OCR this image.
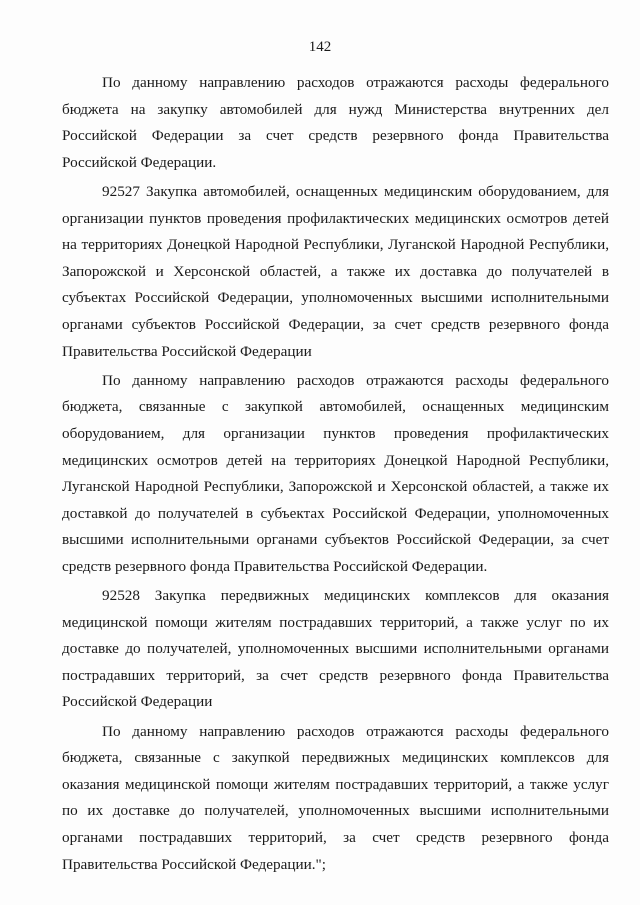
142

По данному направлению расходов отражаются расходы федерального бюджета на закупку автомобилей для нужд Министерства внутренних дел Российской Федерации за счет средств резервного фонда Правительства Российской Федерации.

92527 Закупка автомобилей, оснащенных медицинским оборудованием, для организации пунктов проведения профилактических медицинских осмотров детей на территориях Донецкой Народной Республики, Луганской Народной Республики, Запорожской и Херсонской областей, а также их доставка до получателей в субъектах Российской Федерации, уполномоченных высшими исполнительными органами субъектов Российской Федерации, за счет средств резервного фонда Правительства Российской Федерации

По данному направлению расходов отражаются расходы федерального бюджета, связанные с закупкой автомобилей, оснащенных медицинским оборудованием, для организации пунктов проведения профилактических медицинских осмотров детей на территориях Донецкой Народной Республики, Луганской Народной Республики, Запорожской и Херсонской областей, а также их доставкой до получателей в субъектах Российской Федерации, уполномоченных высшими исполнительными органами субъектов Российской Федерации, за счет средств резервного фонда Правительства Российской Федерации.

92528 Закупка передвижных медицинских комплексов для оказания медицинской помощи жителям пострадавших территорий, а также услуг по их доставке до получателей, уполномоченных высшими исполнительными органами пострадавших территорий, за счет средств резервного фонда Правительства Российской Федерации

По данному направлению расходов отражаются расходы федерального бюджета, связанные с закупкой передвижных медицинских комплексов для оказания медицинской помощи жителям пострадавших территорий, а также услуг по их доставке до получателей, уполномоченных высшими исполнительными органами пострадавших территорий, за счет средств резервного фонда Правительства Российской Федерации.";
